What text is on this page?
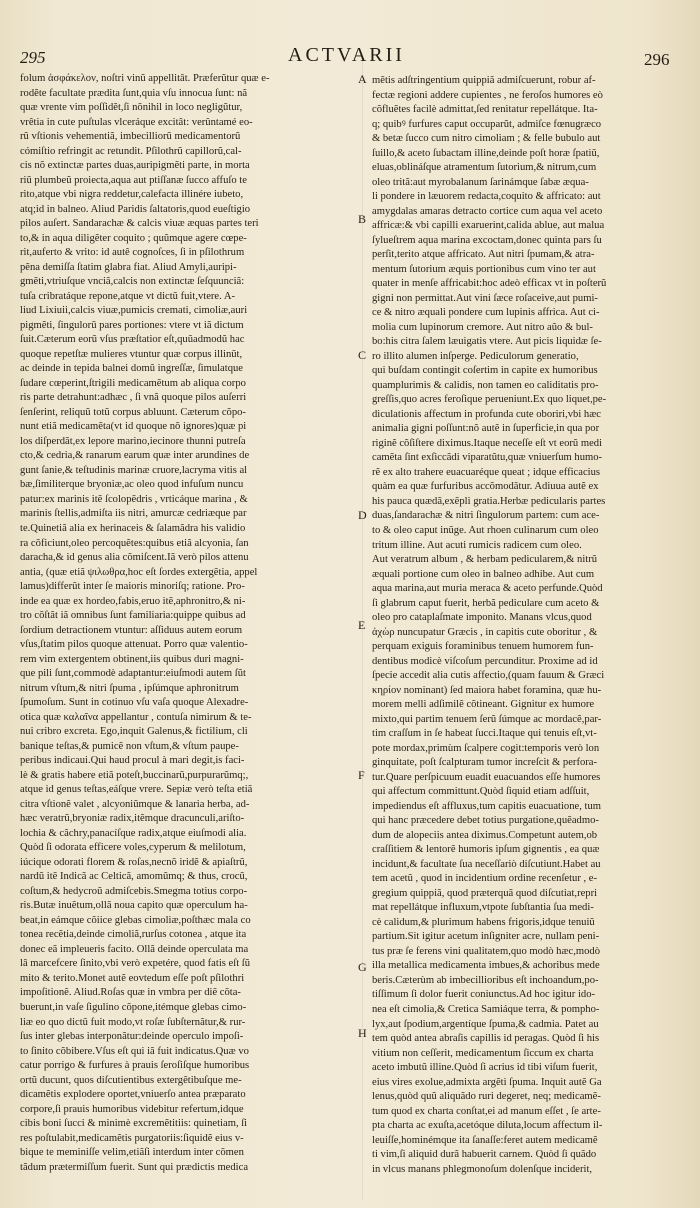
295	ACTVARII	296
folum ἀσφάκελον, noſtri vinũ appellitât. Præferũtur quæ e-
rodĕte facultate prædita ſunt,quia vſu innocua ſunt: nã
quæ vrente vim poſſidĕt,ſi nõnihil in loco negligũtur,
vrêtia in cute puſtulas vlceráque excitât: verûntamé eo-
rũ vſtionis vehementiã, imbecilliorũ medicamentorũ
cómiſtio refringit ac retundit. Pſilothrũ capillorũ,cal-
cis nõ extinctæ partes duas,auripigmẽti parte, in morta
riũ plumbeũ proiecta,aqua aut ptiſſanæ ſucco affuſo te
rito,atque vbi nigra reddetur,calefacta illinére iubeto,
atq;id in balneo. Aliud Paridis ſaltatoris,quod eueſtigio
pilos auſert. Sandarachæ & calcis viuæ æquas partes teri
to,& in aqua diligẽter coquito ; quũmque agere cœpe-
rit,auferto & vrito: id autê cognoſces, ſi in pſilothrum
pẽna demiſſa ſtatim glabra fiat. Aliud Amyli,auripi-
gmẽti,vtriuſque vnciã,calcis non extinctæ ſeſquunciã:
tuſa cribratáque repone,atque vt dictũ fuit,vtere. A-
liud Lixiuii,calcis viuæ,pumicis cremati, cimoliæ,auri
pigmẽti, ſingulorũ pares portiones: vtere vt iã dictum
ſuit.Cæterum eorũ vſus præſtatior eſt,quũadmodũ hac
quoque repetſtæ mulieres vtuntur quæ corpus illinũt,
ac deinde in tepida balnei domũ ingreſſæ, ſimulatque
ſudare cœperint,ſtrigili medicamẽtum ab aliqua corpo
ris parte detrahunt:adhæc , ſi vnã quoque pilos auſerri
ſenſerint, reliquũ totũ corpus abluunt. Cæterum cõpo-
nunt etiã medicamẽta(vt id quoque nõ ignores)quæ pi
los diſperdãt,ex lepore marino,iecinore thunni putreſa
cto,& cedria,& ranarum earum quæ inter arundines de
gunt ſanie,& teſtudinis marinæ cruore,lacryma vitis al
bæ,ſimiliterque bryoniæ,ac oleo quod infuſum nuncu
patur:ex marinis itẽ ſcolopẽdris , vrticáque marina , &
marinis ſtellis,admiſta iis nitri, amurcæ cedriæque par
te.Quinetiã alia ex herinaceis & ſalamãdra his validio
ra cõficiunt,oleo percoquẽtes:quibus etiã alcyonia, ſan
daracha,& id genus alia cõmiſcent.Iã verò pilos attenu
antia, (quæ etiã ψιλωθρα,hoc eſt ſordes extergẽtia, appel
lamus)differũt inter ſe maioris minoriſq; ratione. Pro-
inde ea quæ ex hordeo,fabis,eruo itẽ,aphronitro,& ni-
tro cõſtãt iã omnibus ſunt familiaria:quippe quibus ad
ſordium detractionem vtuntur: aſſiduus autem eorum
vſus,ſtatim pilos quoque attenuat. Porro quæ valentio-
rem vim extergentem obtinent,iis quibus duri magni-
que pili ſunt,commodè adaptantur:eiuſmodi autem ſũt
nitrum vſtum,& nitri ſpuma , ipſúmque aphronitrum
ſpumoſum. Sunt in cotinuo vſu vaſa quoque Alexadre-
otica quæ καλαῖνα appellantur , contuſa nimirum & te-
nui cribro excreta. Ego,inquit Galenus,& fictilium, cli
banique teſtas,& pumicẽ non vſtum,& vſtum paupe-
peribus indicaui.Qui haud procul à mari degit,is faci-
lè & gratis habere etiã poteſt,buccinarũ,purpurarũmq;,
atque id genus teſtas,eáſque vrere. Sepiæ verò teſta etiã
citra vſtionẽ valet , alcyoniũmque & lanaria herba, ad-
hæc veratrũ,bryoniæ radix,itẽmque dracunculi,ariſto-
lochia & cãchry,panacíſque radix,atque eiuſmodi alia.
Quòd ſi odorata efficere voles,cyperum & melilotum,
iúcique odorati florem & roſas,necnõ iridẽ & apiaſtrũ,
nardũ itẽ Indicã ac Celticã, amomũmq; & thus, crocũ,
coſtum,& hedycroũ admiſcebis.Smegma totius corpo-
ris.Butæ inuẽtum,ollã noua capito quæ operculum ha-
beat,in eámque cõiice glebas cimoliæ,poſthæc mala co
tonea recẽtia,deinde cimoliã,rurſus cotonea , atque ita
donec eã impleueris facito. Ollã deinde operculata ma
lâ marcefcere ſinito,vbi verò expetére, quod fatis eſt ſũ
mito & terito.Monet autẽ eovtedum eſſe poſt pſilothri
impoſitionẽ. Aliud.Roſas quæ in vmbra per diẽ cõta-
buerunt,in vaſe ſigulino cõpone,itémque glebas cimo-
liæ eo quo dictũ fuit modo,vt roſæ ſubſternãtur,& rur-
ſus inter glebas interponãtur:deinde operculo impoſi-
to ſinito cõbibere.Vſus eſt qui iã fuit indicatus.Quæ vo
catur porrigo & furfures à prauis ſeroſiſque humoribus
ortũ ducunt, quos diſcutientibus extergẽtibuſque me-
dicamẽtis explodere oportet,vniuerſo antea præparato
corpore,ſi prauis humoribus videbitur refertum,idque
cibis boni ſucci & minimè excremẽtitiis: quinetiam, ſi
res poſtulabit,medicamẽtis purgatoriis:ſiquidẽ eius v-
bique te meminiſſe velim,etiãſi interdum inter cõmen
tãdum prætermiſſum fuerit. Sunt qui prædictis medica
A
B
C
D
E
F
G
H
mẽtis adſtringentium quippiã admiſcuerunt, robur af-
fectæ regioni addere cupientes , ne feroſos humores eò
cõfluẽtes facilè admittat,ſed renitatur repellátque. Ita-
q; quibꝰ furfures caput occuparũt, admiſce fœnugræco
& betæ ſucco cum nitro cimoliam ; & felle bubulo aut
ſuillo,& aceto ſubactam illine,deinde poſt horæ ſpatiũ,
eluas,oblináſque atramentum ſutorium,& nitrum,cum
oleo tritã:aut myrobalanum ſarinámque ſabæ æqua-
li pondere in læuorem redacta,coquito & affricato: aut
amygdalas amaras detracto cortice cum aqua vel aceto
affricæ:& vbi capilli exaruerint,calida ablue, aut malua
ſylueſtrem aqua marina excoctam,donec quinta pars ſu
perſit,terito atque affricato. Aut nitri ſpumam,& atra-
mentum ſutorium æquis portionibus cum vino ter aut
quater in menſe affricabit:hoc adeò efficax vt in poſterũ
gigni non permittat.Aut vini ſæce roſaceive,aut pumi-
ce & nitro æquali pondere cum lupinis affrica. Aut ci-
molia cum lupinorum cremore. Aut nitro aũo & bul-
bo:his citra ſalem læuigatis vtere. Aut picis liquidæ ſe-
ro illito alumen inſperge. Pediculorum generatio,
qui buſdam contingit coſertim in capite ex humoribus
quamplurimis & calidis, non tamen eo caliditatis pro-
greſſis,quo acres feroſique perueniunt.Ex quo liquet,pe-
diculationis affectum in profunda cute oboriri,vbi hæc
animalia gigni poſſunt:nõ autẽ in ſuperficie,in qua por
riginẽ cõſiſtere diximus.Itaque neceſſe eſt vt eorũ medi
camẽta ſint exſiccãdi viparatũtu,quæ vniuerſum humo-
rẽ ex alto trahere euacuaréque queat ; idque efficacius
quàm ea quæ furfuribus accõmodãtur. Adiuua autẽ ex
his pauca quædã,exẽpli gratia.Herbæ pedicularis partes
duas,ſandarachæ & nitri ſingulorum partem: cum ace-
to & oleo caput inũge. Aut rhoen culinarum cum oleo
tritum illine. Aut acuti rumicis radicem cum oleo.
Aut veratrum album , & herbam pedicularem,& nitrũ
æquali portione cum oleo in balneo adhibe. Aut cum
aqua marina,aut muria meraca & aceto perfunde.Quòd
ſi glabrum caput fuerit, herbã pediculare cum aceto &
oleo pro cataplaſmate imponito. Manans vlcus,quod
ἀχὼρ nuncupatur Græcis , in capitis cute oboritur , &
perquam exiguis foraminibus tenuem humorem fun-
dentibus modicè viſcoſum percunditur. Proxime ad id
ſpecie accedit alia cutis affectio,(quam fauum & Græci
κηρίον nominant) ſed maiora habet foramina, quæ hu-
morem melli adſimilẽ cõtineant. Gignitur ex humore
mixto,qui partim tenuem ſerũ ſúmque ac mordacẽ,par-
tim craſſum in ſe habeat ſucci.Itaque qui tenuis eſt,vt-
pote mordax,primùm ſcalpere cogit:temporis verò lon
ginquitate, poſt ſcalpturam tumor increſcit & perfora-
tur.Quare perſpicuum euadit euacuandos eſſe humores
qui affectum committunt.Quòd ſiquid etiam adſſuit,
impediendus eſt affluxus,tum capitis euacuatione, tum
qui hanc præcedere debet totius purgatione,quẽadmo-
dum de alopeciis antea diximus.Competunt autem,ob
craſſitiem & lentorẽ humoris ipſum gignentis , ea quæ
incidunt,& facultate ſua neceſſariò diſcutiunt.Habet au
tem acetũ , quod in incidentium ordine recenſetur , e-
gregium quippiã, quod præterquã quod diſcutiat,repri
mat repellátque influxum,vtpote ſubſtantia ſua medi-
cè calidum,& plurimum habens frigoris,idque tenuiũ
partium.Sit igitur acetum inſigniter acre, nullam peni-
tus præ ſe ferens vini qualitatem,quo modò hæc,modò
illa metallica medicamenta imbues,& achoribus mede
beris.Cæterùm ab imbecillioribus eſt inchoandum,po-
tiſſimum ſi dolor fuerit coniunctus.Ad hoc igitur ido-
nea eſt cimolia,& Cretica Samiáque terra, & pompho-
lyx,aut ſpodium,argentíque ſpuma,& cadmia. Patet au
tem quòd antea abraſis capillis id peragas. Quòd ſi his
vitium non ceſſerit, medicamentum ſiccum ex charta
aceto imbutũ illine.Quòd ſi acrius id tibi viſum fuerit,
eius vires exolue,admixta argẽti ſpuma. Inquit autẽ Ga
lenus,quòd quũ aliquãdo ruri degeret, neq; medicamẽ-
tum quod ex charta conſtat,ei ad manum eſſet , ſe arte-
pta charta ac exuſta,acetóque diluta,locum affectum il-
leuiſſe,hominémque ita ſanaſſe:feret autem medicamẽ
ti vim,ſi aliquid durã habuerit carnem. Quòd ſi quãdo
in vlcus manans phlegmonoſum dolenſque inciderit,
